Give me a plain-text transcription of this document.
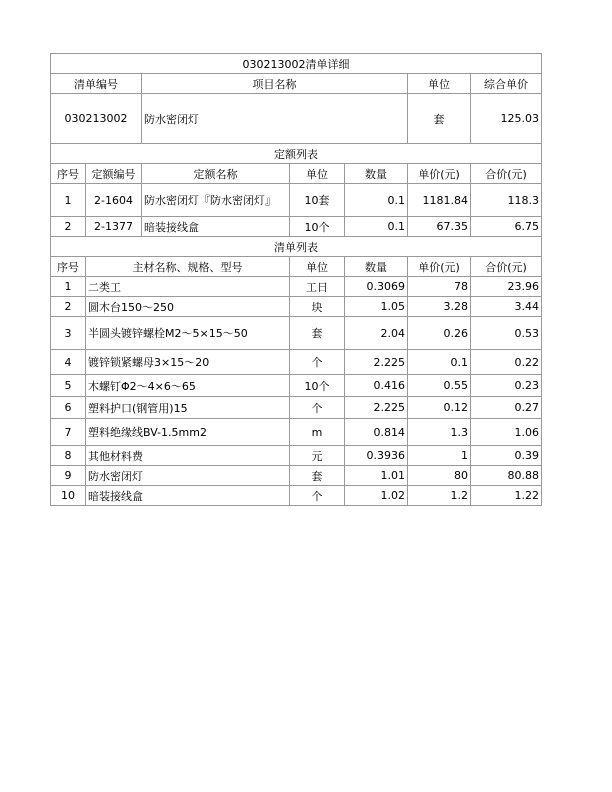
030213002清单详细						
清单编号		项目名称			单位	综合单价
030213002		防水密闭灯			套	125.03
定额列表						
序号	定额编号	定额名称	单位	数量	单价(元)	合价(元)
1	2-1604	防水密闭灯『防水密闭灯』	10套	0.1	1181.84	118.3
2	2-1377	暗装接线盒	10个	0.1	67.35	6.75
清单列表						
序号	主材名称、规格、型号		单位	数量	单价(元)	合价(元)
1	二类工		工日	0.3069	78	23.96
2	圆木台150～250		块	1.05	3.28	3.44
3	半圆头镀锌螺栓M2～5×15～50		套	2.04	0.26	0.53
4	镀锌锁紧螺母3×15～20		个	2.225	0.1	0.22
5	木螺钉Φ2～4×6～65		10个	0.416	0.55	0.23
6	塑料护口(钢管用)15		个	2.225	0.12	0.27
7	塑料绝缘线BV-1.5mm2		m	0.814	1.3	1.06
8	其他材料费		元	0.3936	1	0.39
9	防水密闭灯		套	1.01	80	80.88
10	暗装接线盒		个	1.02	1.2	1.22
